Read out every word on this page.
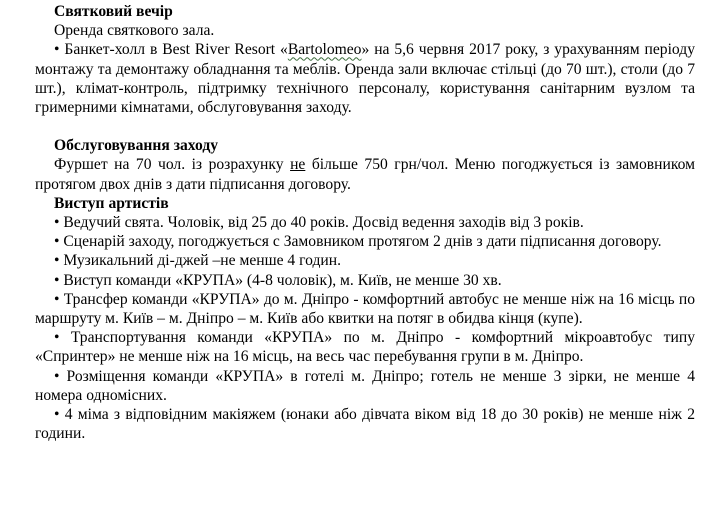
Святковий вечір

Оренда святкового зала.

• Банкет-холл в Best River Resort «Bartolomeo» на 5,6 червня 2017 року, з урахуванням періоду монтажу та демонтажу обладнання та меблів. Оренда зали включає стільці (до 70 шт.), столи (до 7 шт.), клімат-контроль, підтримку технічного персоналу, користування санітарним вузлом та гримерними кімнатами, обслуговування заходу.

Обслуговування заходу

Фуршет на 70 чол. із розрахунку не більше 750 грн/чол. Меню погоджується із замовником протягом двох днів з дати підписання договору.

Виступ артистів

• Ведучий свята. Чоловік, від 25 до 40 років. Досвід ведення заходів від 3 років.

• Сценарій заходу, погоджується с Замовником протягом 2 днів з дати підписання договору.

• Музикальний ді-джей –не менше 4 годин.

• Виступ команди «КРУПА» (4-8 чоловік), м. Київ, не менше 30 хв.

• Трансфер команди «КРУПА» до м. Дніпро - комфортний автобус не менше ніж на 16 місць по маршруту м. Київ – м. Дніпро – м. Київ або квитки на потяг в обидва кінця (купе).

• Транспортування команди «КРУПА» по м. Дніпро - комфортний мікроавтобус типу «Спринтер» не менше ніж на 16 місць, на весь час перебування групи в м. Дніпро.

• Розміщення команди «КРУПА» в готелі м. Дніпро; готель не менше 3 зірки, не менше 4 номера одномісних.

• 4 міма з відповідним макіяжем (юнаки або дівчата віком від 18 до 30 років) не менше ніж 2 години.
